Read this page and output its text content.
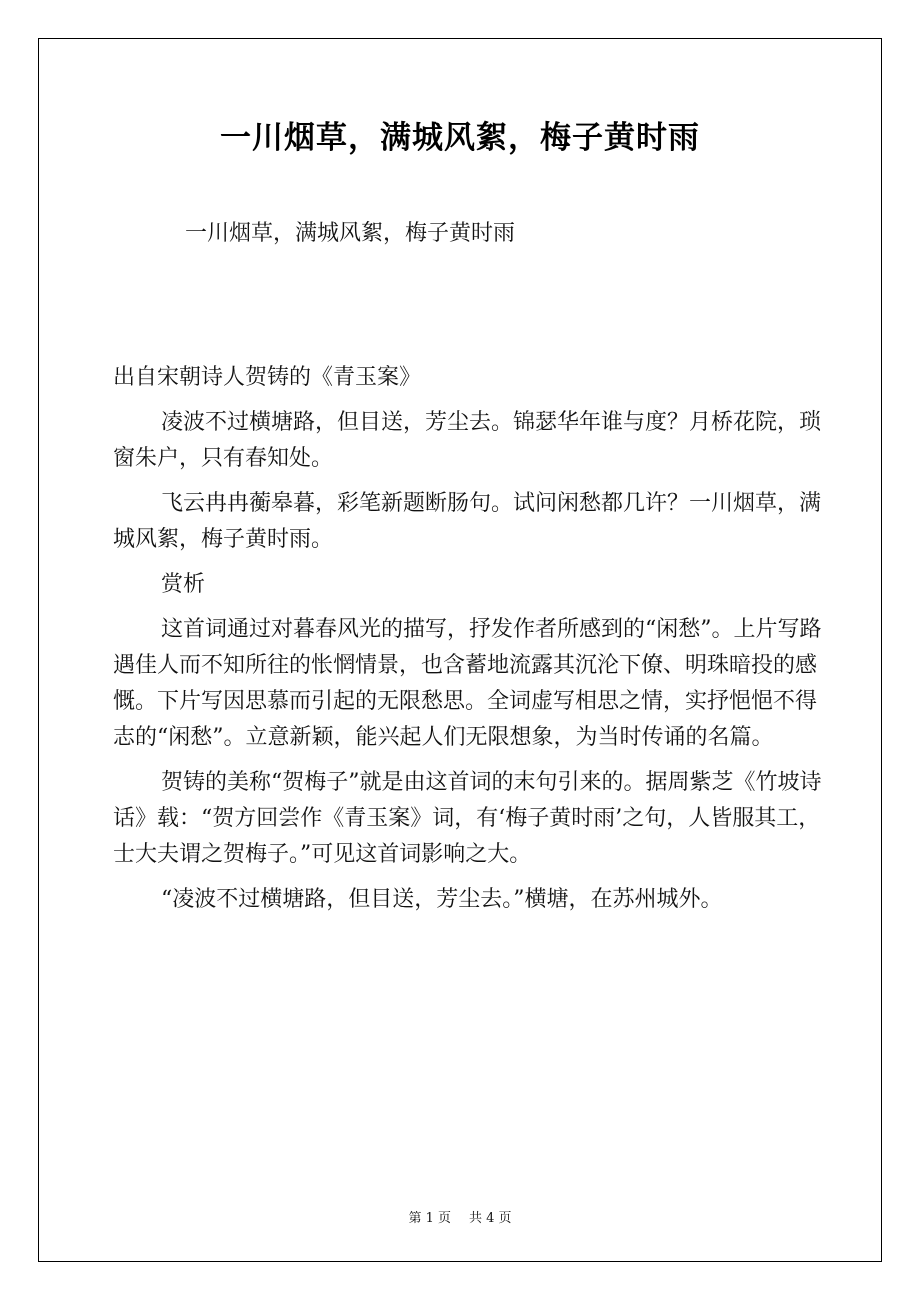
一川烟草，满城风絮，梅子黄时雨
一川烟草，满城风絮，梅子黄时雨

出自宋朝诗人贺铸的《青玉案》

凌波不过横塘路，但目送，芳尘去。锦瑟华年谁与度？月桥花院，琐窗朱户，只有春知处。

飞云冉冉蘅皋暮，彩笔新题断肠句。试问闲愁都几许？一川烟草，满城风絮，梅子黄时雨。

赏析

这首词通过对暮春风光的描写，抒发作者所感到的“闲愁”。上片写路遇佳人而不知所往的怅惘情景，也含蓄地流露其沉沦下僚、明珠暗投的感慨。下片写因思慕而引起的无限愁思。全词虚写相思之情，实抒悒悒不得志的“闲愁”。立意新颖，能兴起人们无限想象，为当时传诵的名篇。

贺铸的美称“贺梅子”就是由这首词的末句引来的。据周紫芝《竹坡诗话》载：“贺方回尝作《青玉案》词，有‘梅子黄时雨’之句，人皆服其工，士大夫谓之贺梅子。”可见这首词影响之大。

“凌波不过横塘路，但目送，芳尘去。”横塘，在苏州城外。

第 1 页 共 4 页
